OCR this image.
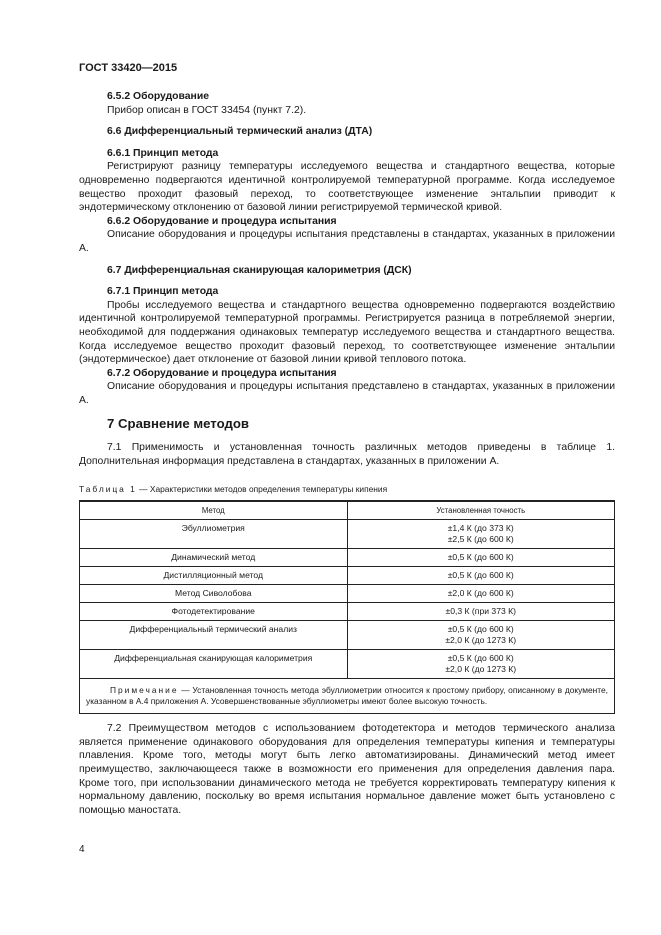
ГОСТ 33420—2015
6.5.2 Оборудование
Прибор описан в ГОСТ 33454 (пункт 7.2).
6.6 Дифференциальный термический анализ (ДТА)
6.6.1 Принцип метода
Регистрируют разницу температуры исследуемого вещества и стандартного вещества, которые одновременно подвергаются идентичной контролируемой температурной программе. Когда исследуемое вещество проходит фазовый переход, то соответствующее изменение энтальпии приводит к эндотермическому отклонению от базовой линии регистрируемой термической кривой.
6.6.2 Оборудование и процедура испытания
Описание оборудования и процедуры испытания представлены в стандартах, указанных в приложении А.
6.7 Дифференциальная сканирующая калориметрия (ДСК)
6.7.1 Принцип метода
Пробы исследуемого вещества и стандартного вещества одновременно подвергаются воздействию идентичной контролируемой температурной программы. Регистрируется разница в потребляемой энергии, необходимой для поддержания одинаковых температур исследуемого вещества и стандартного вещества. Когда исследуемое вещество проходит фазовый переход, то соответствующее изменение энтальпии (эндотермическое) дает отклонение от базовой линии кривой теплового потока.
6.7.2 Оборудование и процедура испытания
Описание оборудования и процедуры испытания представлено в стандартах, указанных в приложении А.
7 Сравнение методов
7.1 Применимость и установленная точность различных методов приведены в таблице 1. Дополнительная информация представлена в стандартах, указанных в приложении А.
Таблица 1 — Характеристики методов определения температуры кипения
Метод	Установленная точность
Эбуллиометрия	±1,4 К (до 373 К)
±2,5 К (до 600 К)

Динамический метод	±0,5 К (до 600 К)

Дистилляционный метод	±0,5 К (до 600 К)

Метод Сиволобова	±2,0 К (до 600 К)

Фотодетектирование	±0,3 К (при 373 К)

Дифференциальный термический анализ	±0,5 К (до 600 К)
±2,0 К (до 1273 К)

Дифференциальная сканирующая калориметрия	±0,5 К (до 600 К)
±2,0 К (до 1273 К)

Примечание — Установленная точность метода эбуллиометрии относится к простому прибору, описанному в документе, указанном в А.4 приложения А. Усовершенствованные эбуллиометры имеют более высокую точность.	
7.2 Преимуществом методов с использованием фотодетектора и методов термического анализа является применение одинакового оборудования для определения температуры кипения и температуры плавления. Кроме того, методы могут быть легко автоматизированы. Динамический метод имеет преимущество, заключающееся также в возможности его применения для определения давления пара. Кроме того, при использовании динамического метода не требуется корректировать температуру кипения к нормальному давлению, поскольку во время испытания нормальное давление может быть установлено с помощью маностата.
4
